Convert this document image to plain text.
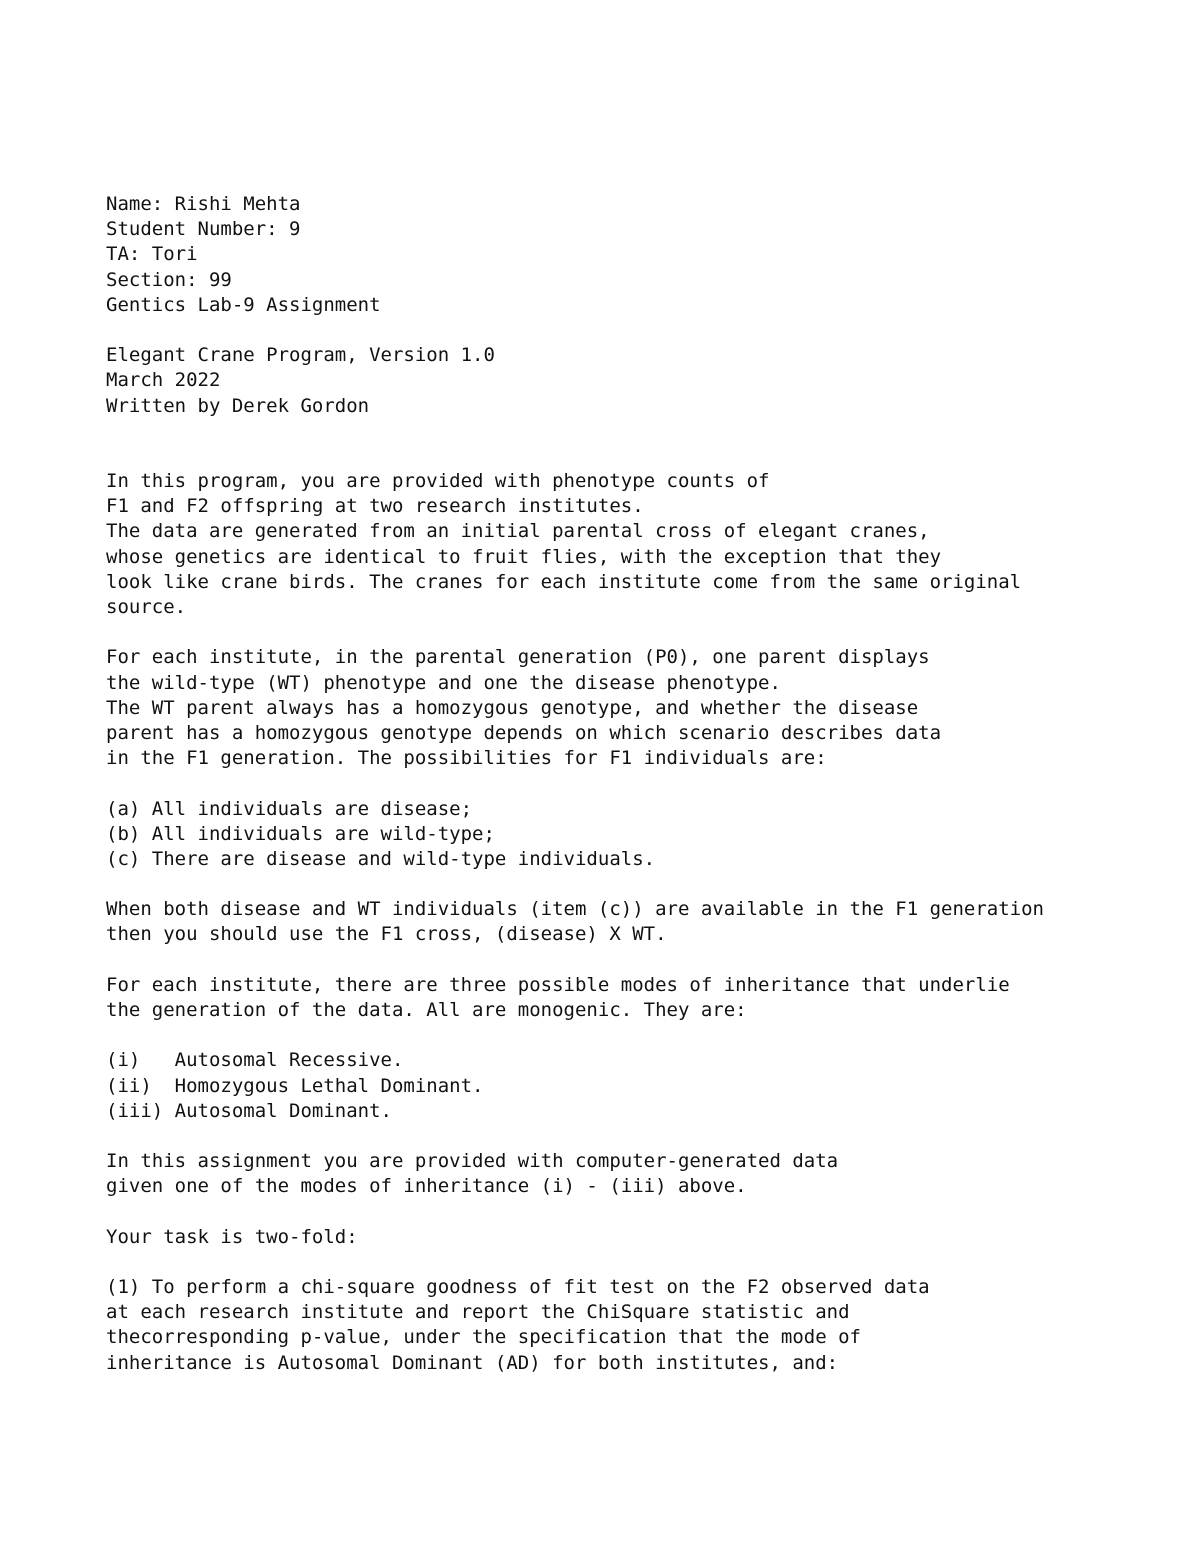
Name: Rishi Mehta
Student Number: 9
TA: Tori
Section: 99
Gentics Lab-9 Assignment
Elegant Crane Program, Version 1.0
March 2022
Written by Derek Gordon
In this program, you are provided with phenotype counts of
F1 and F2 offspring at two research institutes.
The data are generated from an initial parental cross of elegant cranes,
whose genetics are identical to fruit flies, with the exception that they
look like crane birds. The cranes for each institute come from the same original
source.
For each institute, in the parental generation (P0), one parent displays
the wild-type (WT) phenotype and one the disease phenotype.
The WT parent always has a homozygous genotype, and whether the disease
parent has a homozygous genotype depends on which scenario describes data
in the F1 generation. The possibilities for F1 individuals are:
(a) All individuals are disease;
(b) All individuals are wild-type;
(c) There are disease and wild-type individuals.
When both disease and WT individuals (item (c)) are available in the F1 generation
then you should use the F1 cross, (disease) X WT.
For each institute, there are three possible modes of inheritance that underlie
the generation of the data. All are monogenic. They are:
(i)   Autosomal Recessive.
(ii)  Homozygous Lethal Dominant.
(iii) Autosomal Dominant.
In this assignment you are provided with computer-generated data
given one of the modes of inheritance (i) - (iii) above.
Your task is two-fold:
(1) To perform a chi-square goodness of fit test on the F2 observed data
at each research institute and report the ChiSquare statistic and
thecorresponding p-value, under the specification that the mode of
inheritance is Autosomal Dominant (AD) for both institutes, and:
